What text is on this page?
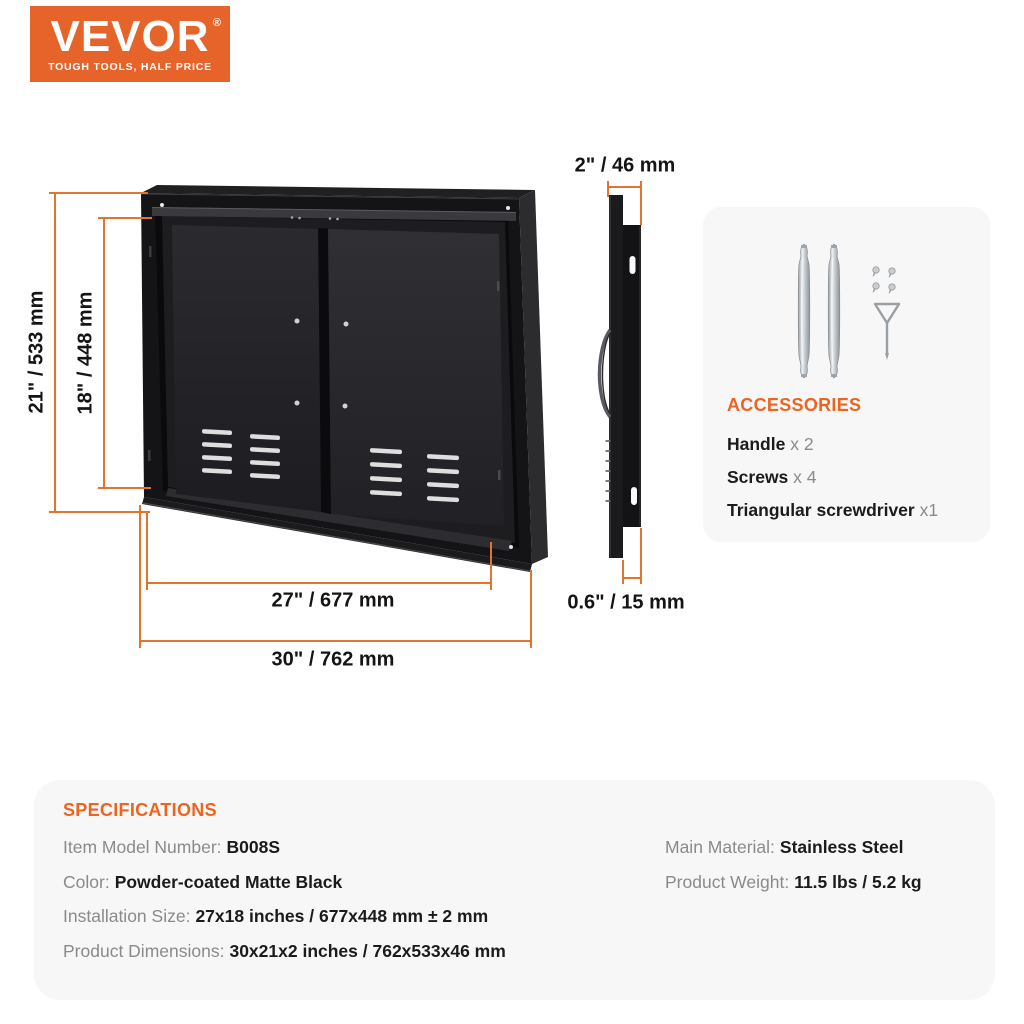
VEVOR ®
TOUGH TOOLS, HALF PRICE
21" / 533 mm 18" / 448 mm
2" / 46 mm
27" / 677 mm
30" / 762 mm
0.6" / 15 mm
ACCESSORIES
Handle x 2
Screws x 4
Triangular screwdriver x1
SPECIFICATIONS
Item Model Number: B008S
Color: Powder-coated Matte Black
Installation Size: 27x18 inches / 677x448 mm ± 2 mm
Product Dimensions: 30x21x2 inches / 762x533x46 mm
Main Material: Stainless Steel
Product Weight: 11.5 lbs / 5.2 kg
